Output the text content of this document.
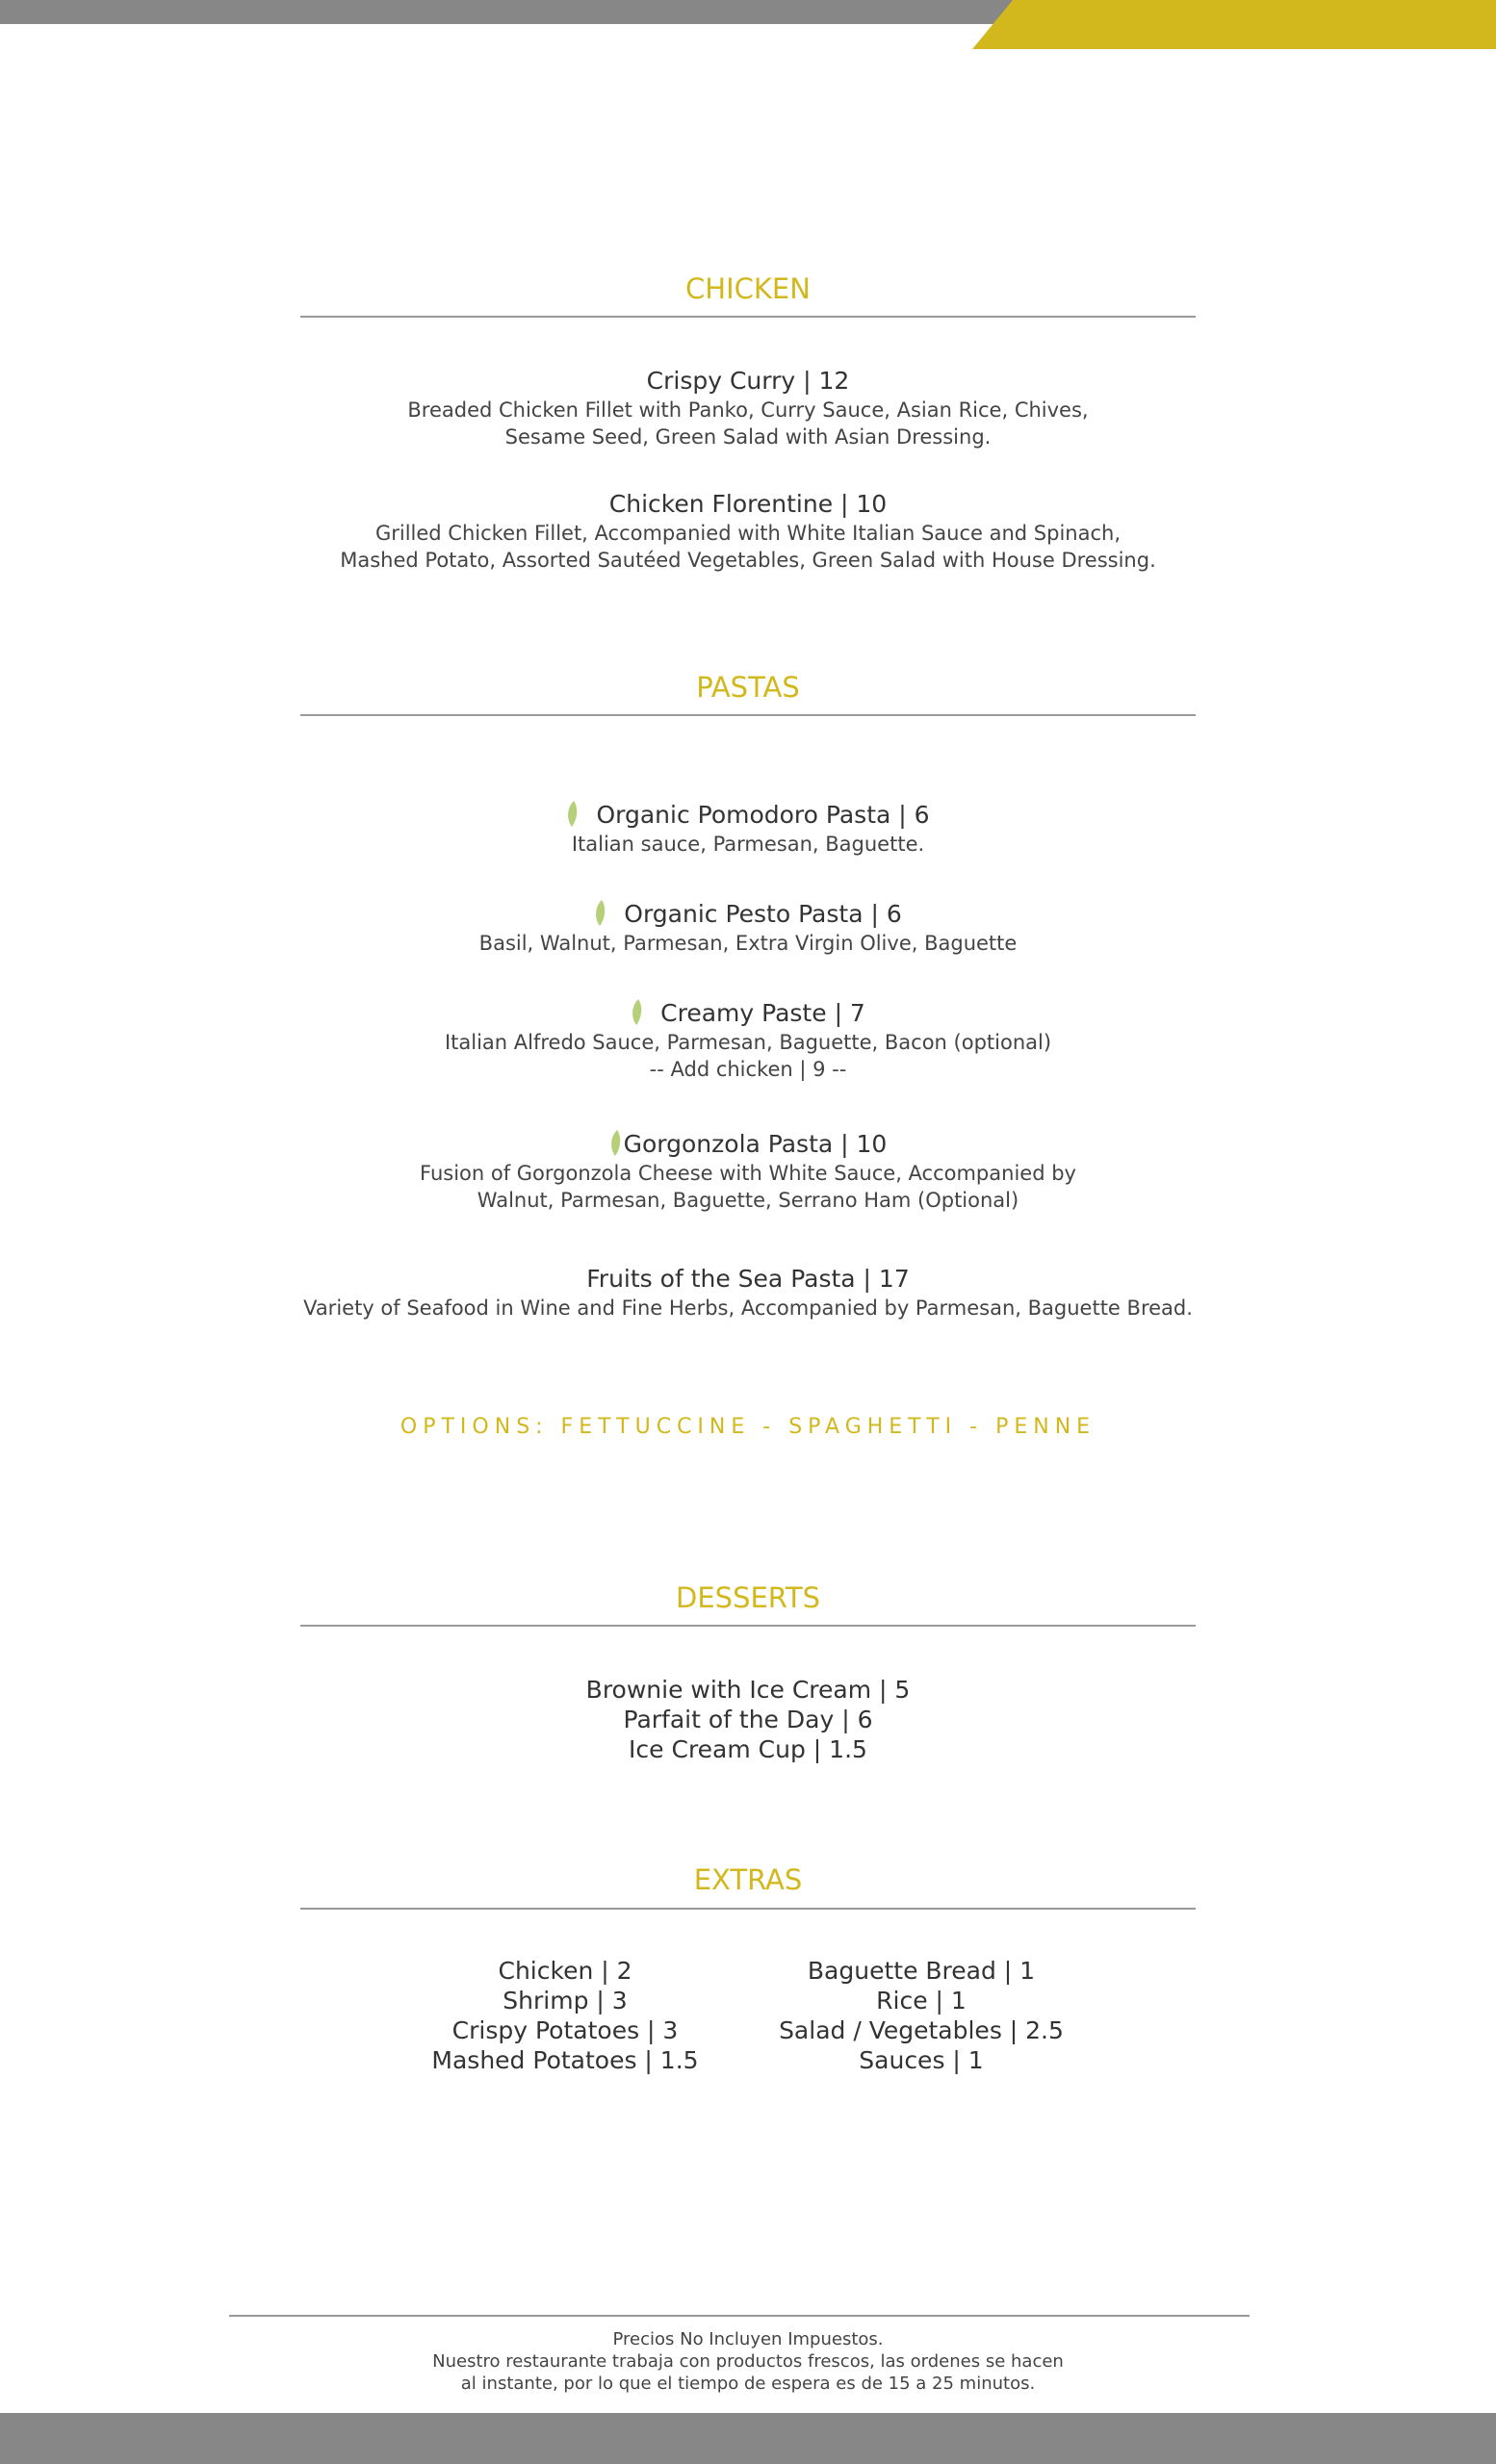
CHICKEN
Crispy Curry | 12
Breaded Chicken Fillet with Panko, Curry Sauce, Asian Rice, Chives,
Sesame Seed, Green Salad with Asian Dressing.
Chicken Florentine | 10
Grilled Chicken Fillet, Accompanied with White Italian Sauce and Spinach,
Mashed Potato, Assorted Sautéed Vegetables, Green Salad with House Dressing.
PASTAS
Organic Pomodoro Pasta | 6
Italian sauce, Parmesan, Baguette.
Organic Pesto Pasta | 6
Basil, Walnut, Parmesan, Extra Virgin Olive, Baguette
Creamy Paste | 7
Italian Alfredo Sauce, Parmesan, Baguette, Bacon (optional)
-- Add chicken | 9 --
Gorgonzola Pasta | 10
Fusion of Gorgonzola Cheese with White Sauce, Accompanied by
Walnut, Parmesan, Baguette, Serrano Ham (Optional)
Fruits of the Sea Pasta | 17
Variety of Seafood in Wine and Fine Herbs, Accompanied by Parmesan, Baguette Bread.
OPTIONS: FETTUCCINE - SPAGHETTI - PENNE
DESSERTS
Brownie with Ice Cream | 5
Parfait of the Day | 6
Ice Cream Cup | 1.5
EXTRAS
Chicken | 2
Shrimp | 3
Crispy Potatoes | 3
Mashed Potatoes | 1.5
Baguette Bread | 1
Rice | 1
Salad / Vegetables | 2.5
Sauces | 1
Precios No Incluyen Impuestos.
Nuestro restaurante trabaja con productos frescos, las ordenes se hacen
al instante, por lo que el tiempo de espera es de 15 a 25 minutos.
